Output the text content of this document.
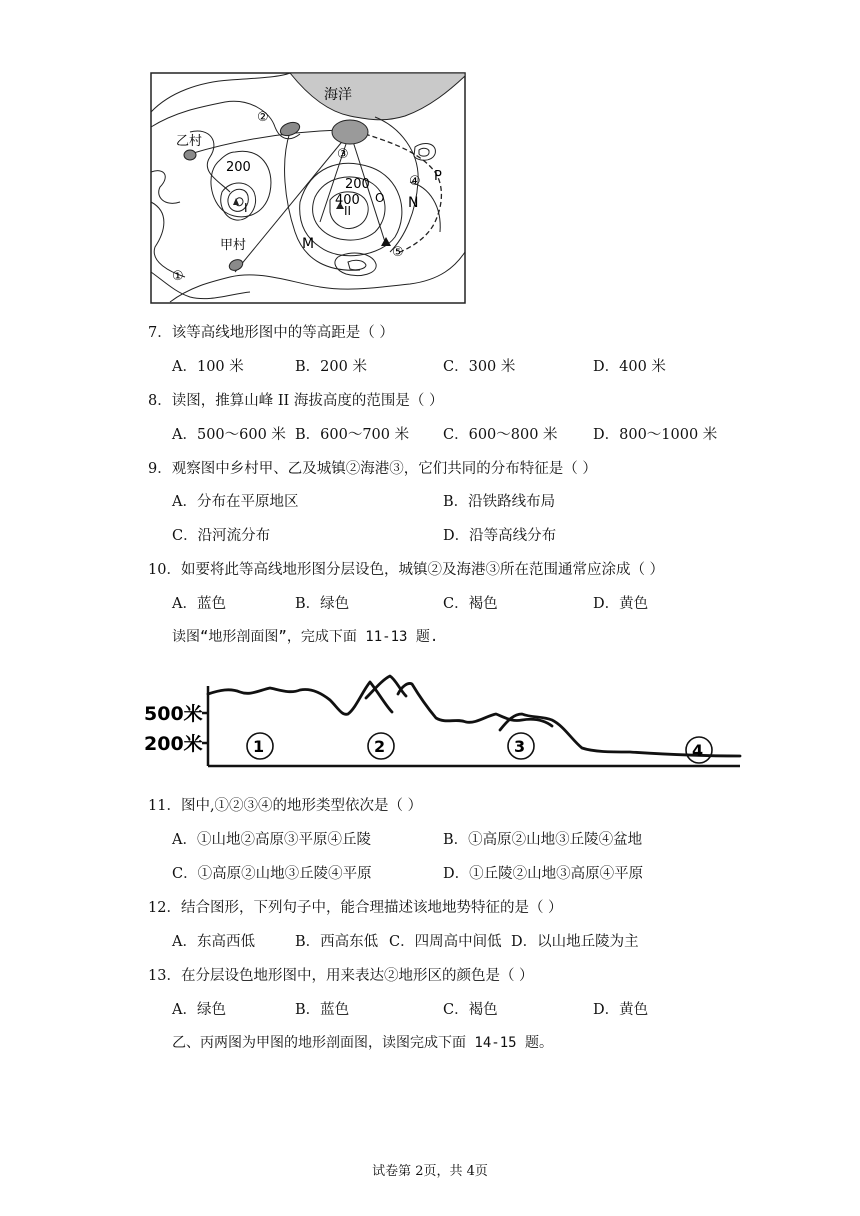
海洋
乙村
甲村
200
200
400
I	II
①
②
③
④
⑤
M
N
P
O
7．该等高线地形图中的等高距是（ ）
A．100 米	B．200 米	C．300 米	D．400 米
8．读图，推算山峰 II 海拔高度的范围是（ ）
A．500～600 米 B．600～700 米 C．600～800 米 D．800～1000 米
9．观察图中乡村甲、乙及城镇②海港③，它们共同的分布特征是（ ）
A．分布在平原地区	B．沿铁路线布局
C．沿河流分布	D．沿等高线分布
10．如要将此等高线地形图分层设色，城镇②及海港③所在范围通常应涂成（ ）
A．蓝色	B．绿色	C．褐色	D．黄色
读图“地形剖面图”，完成下面 11-13 题.
500米
200米	1	2	3	4
11．图中,①②③④的地形类型依次是（ ）
A．①山地②高原③平原④丘陵	B．①高原②山地③丘陵④盆地
C．①高原②山地③丘陵④平原	D．①丘陵②山地③高原④平原
12．结合图形，下列句子中，能合理描述该地地势特征的是（ ）
A．东高西低	B．西高东低 C．四周高中间低 D．以山地丘陵为主
13．在分层设色地形图中，用来表达②地形区的颜色是（ ）
A．绿色	B．蓝色	C．褐色	D．黄色
乙、丙两图为甲图的地形剖面图，读图完成下面 14-15 题。
试卷第 2页，共 4页
